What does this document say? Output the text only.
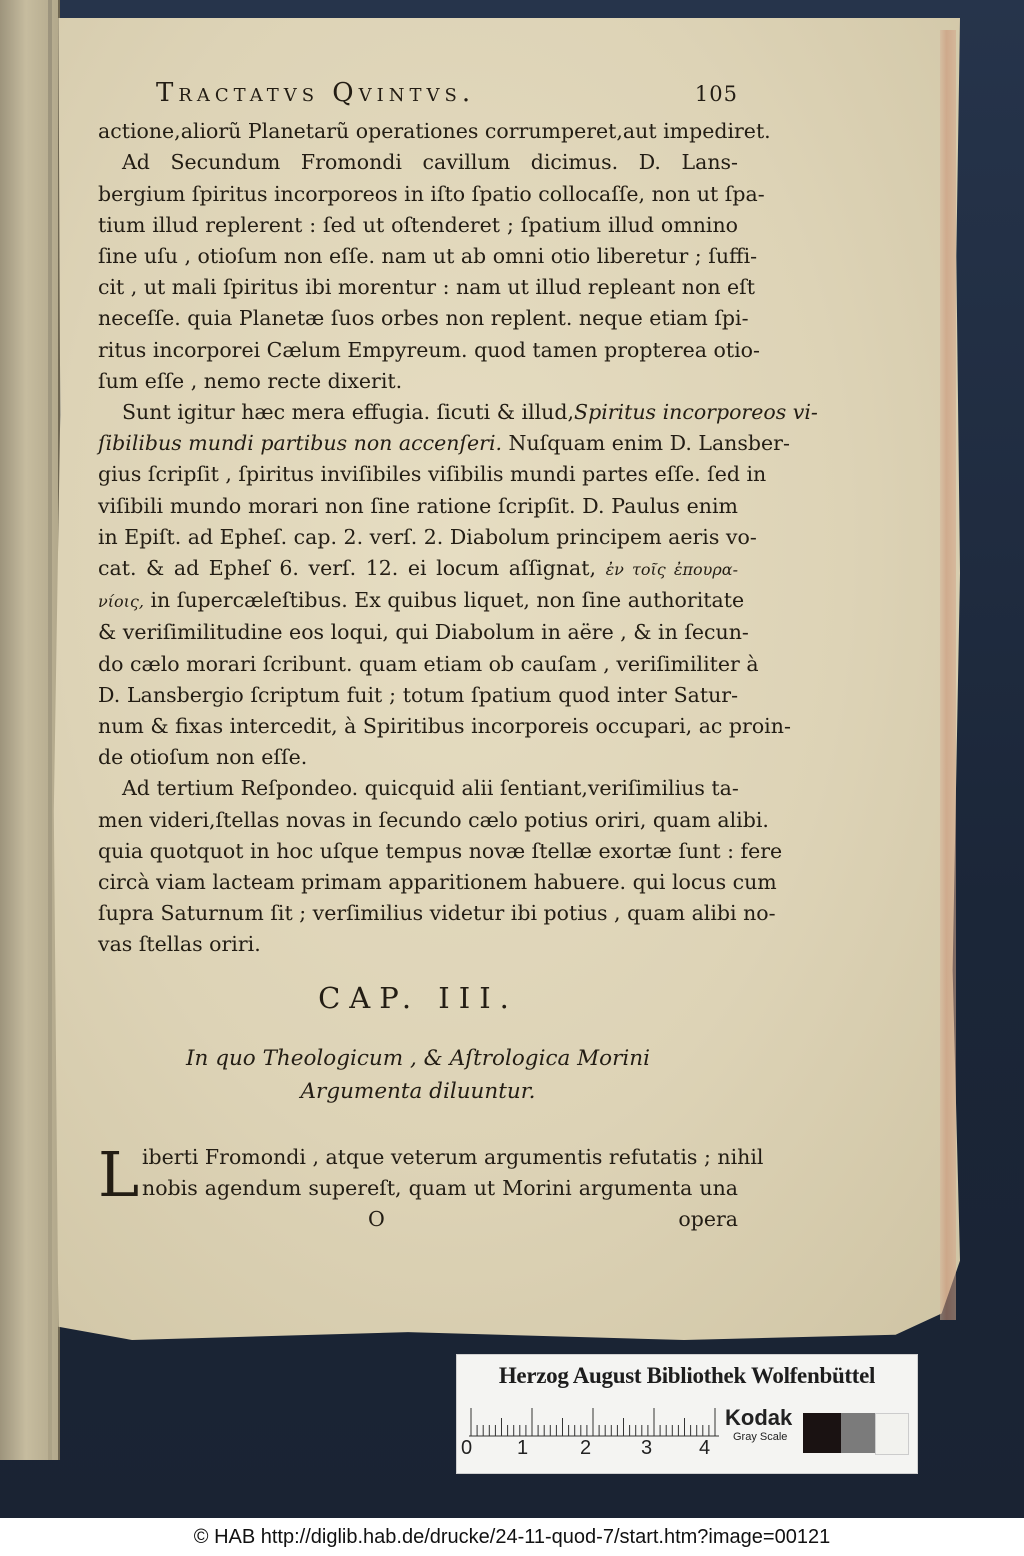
Tractatvs Qvintvs.	105

actione,aliorũ Planetarũ operationes corrumperet,aut impediret.

Ad Secundum Fromondi cavillum dicimus. D. Lans-
bergium ſpiritus incorporeos in iſto ſpatio collocaſſe, non ut ſpa-
tium illud replerent : ſed ut oſtenderet ; ſpatium illud omnino
ſine uſu , otioſum non eſſe. nam ut ab omni otio liberetur ; ſuffi-
cit , ut mali ſpiritus ibi morentur : nam ut illud repleant non eſt
neceſſe. quia Planetæ ſuos orbes non replent. neque etiam ſpi-
ritus incorporei Cælum Empyreum. quod tamen propterea otio-
ſum eſſe , nemo recte dixerit.

Sunt igitur hæc mera effugia. ſicuti & illud,Spiritus incorporeos vi-
ſibilibus mundi partibus non accenſeri. Nuſquam enim D. Lansber-
gius ſcripſit , ſpiritus inviſibiles viſibilis mundi partes eſſe. ſed in
viſibili mundo morari non ſine ratione ſcripſit. D. Paulus enim
in Epiſt. ad Epheſ. cap. 2. verſ. 2. Diabolum principem aeris vo-
cat. & ad Epheſ 6. verſ. 12. ei locum aſſignat, ἐν τοῖς ἐπουρα-
νίοις, in ſupercæleſtibus. Ex quibus liquet, non ſine authoritate
& veriſimilitudine eos loqui, qui Diabolum in aëre , & in ſecun-
do cælo morari ſcribunt. quam etiam ob cauſam , veriſimiliter à
D. Lansbergio ſcriptum fuit ; totum ſpatium quod inter Satur-
num & fixas intercedit, à Spiritibus incorporeis occupari, ac proin-
de otioſum non eſſe.

Ad tertium Reſpondeo. quicquid alii ſentiant,veriſimilius ta-
men videri,ſtellas novas in ſecundo cælo potius oriri, quam alibi.
quia quotquot in hoc uſque tempus novæ ſtellæ exortæ ſunt : fere
circà viam lacteam primam apparitionem habuere. qui locus cum
ſupra Saturnum ſit ; verſimilius videtur ibi potius , quam alibi no-
vas ſtellas oriri.

CAP. III.
In quo Theologicum , & Aſtrologica Morini
Argumenta diluuntur.
L iberti Fromondi , atque veterum argumentis refutatis ; nihil
nobis agendum supereſt, quam ut Morini argumenta una
O	opera
Herzog August Bibliothek Wolfenbüttel
0 1	2 3 4
Kodak
Gray Scale
© HAB http://diglib.hab.de/drucke/24-11-quod-7/start.htm?image=00121
